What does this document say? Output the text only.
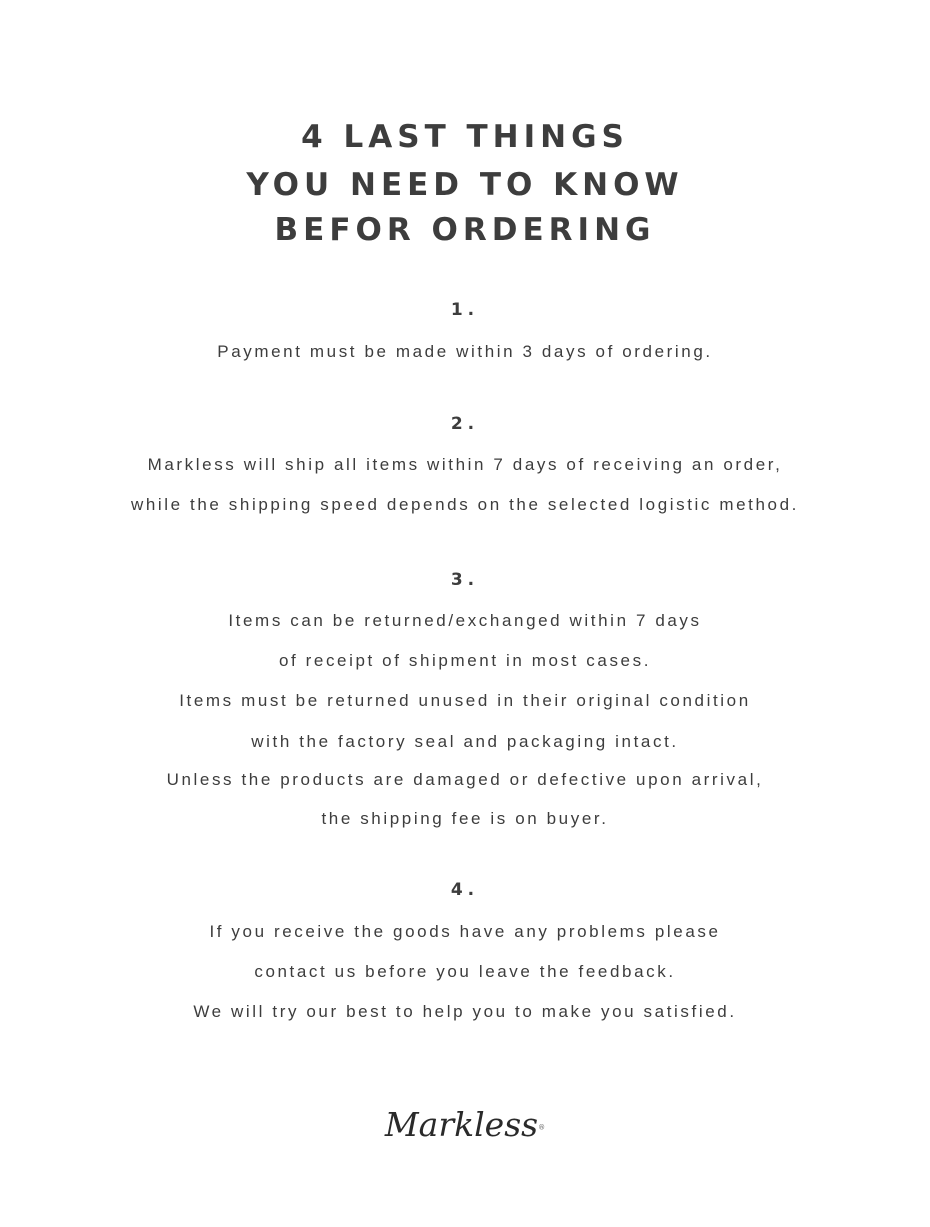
4 LAST THINGS
YOU NEED TO KNOW
BEFOR ORDERING
1.
Payment must be made within 3 days of ordering.
2.
Markless will ship all items within 7 days of receiving an order,
while the shipping speed depends on the selected logistic method.
3.
Items can be returned/exchanged within 7 days
of receipt of shipment in most cases.
Items must be returned unused in their original condition
with the factory seal and packaging intact.
Unless the products are damaged or defective upon arrival,
the shipping fee is on buyer.
4.
If you receive the goods have any problems please
contact us before you leave the feedback.
We will try our best to help you to make you satisfied.
Markless®
